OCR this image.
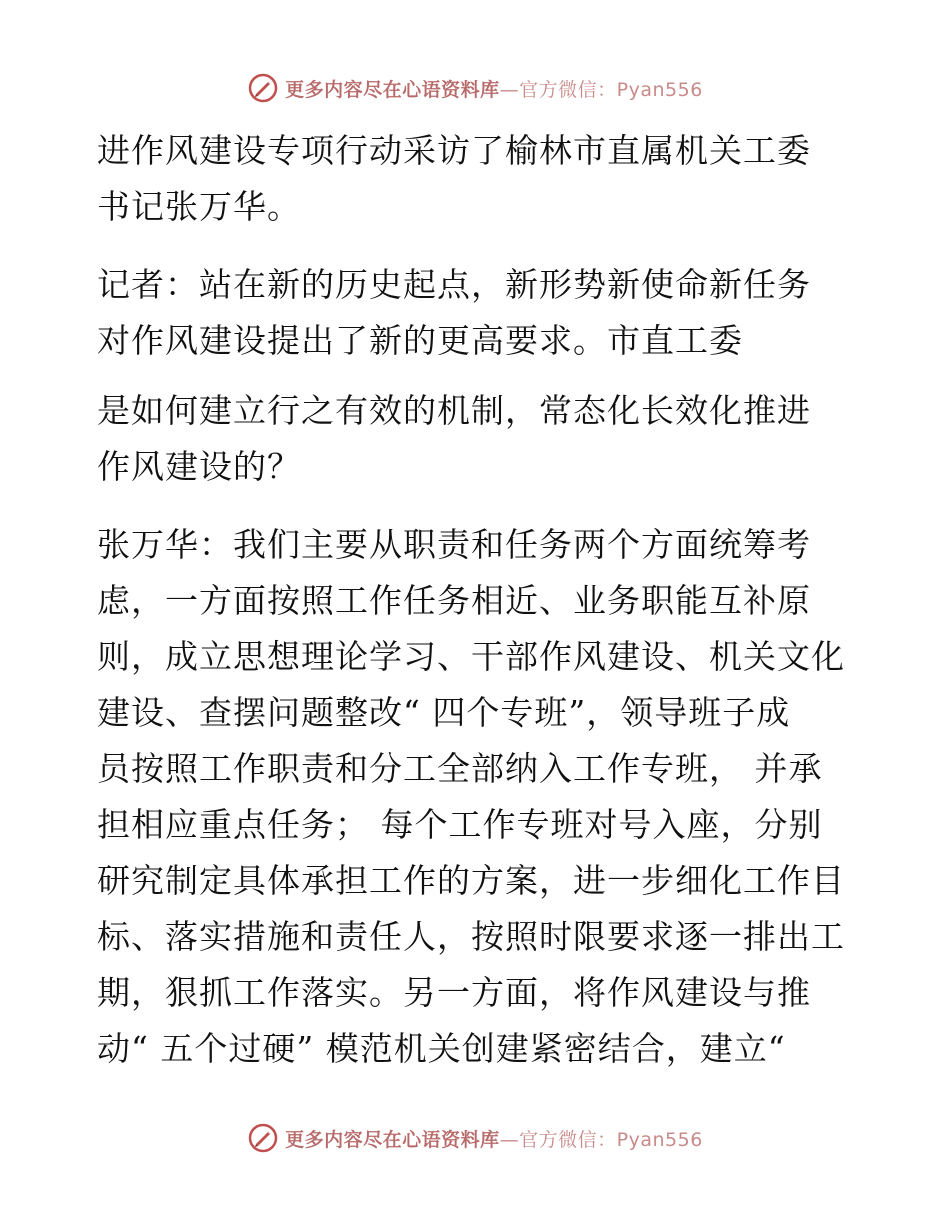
更多内容尽在心语资料库—官方微信：Pyan556
进作风建设专项行动采访了榆林市直属机关工委
书记张万华。
记者：站在新的历史起点，新形势新使命新任务
对作风建设提出了新的更高要求。市直工委
是如何建立行之有效的机制，常态化长效化推进
作风建设的？
张万华：我们主要从职责和任务两个方面统筹考
虑，一方面按照工作任务相近、业务职能互补原
则，成立思想理论学习、干部作风建设、机关文化
建设、查摆问题整改“ 四个专班”，领导班子成
员按照工作职责和分工全部纳入工作专班， 并承
担相应重点任务； 每个工作专班对号入座，分别
研究制定具体承担工作的方案，进一步细化工作目
标、落实措施和责任人，按照时限要求逐一排出工
期，狠抓工作落实。另一方面，将作风建设与推
动“ 五个过硬” 模范机关创建紧密结合，建立“
更多内容尽在心语资料库—官方微信：Pyan556
